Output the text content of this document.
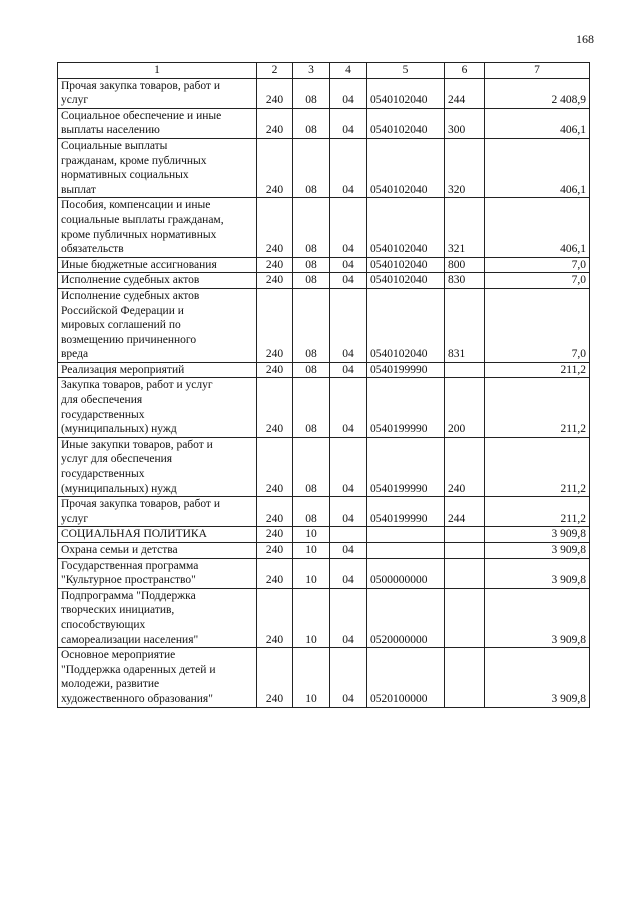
168
1	2	3	4	5	6	7
Прочая закупка товаров, работ и
услуг	240	08	04	0540102040	244	2 408,9
Социальное обеспечение и иные
выплаты населению	240	08	04	0540102040	300	406,1
Социальные выплаты
гражданам, кроме публичных
нормативных социальных
выплат	240	08	04	0540102040	320	406,1
Пособия, компенсации и иные
социальные выплаты гражданам,
кроме публичных нормативных
обязательств	240	08	04	0540102040	321	406,1
Иные бюджетные ассигнования	240	08	04	0540102040	800	7,0
Исполнение судебных актов	240	08	04	0540102040	830	7,0
Исполнение судебных актов
Российской Федерации и
мировых соглашений по
возмещению причиненного
вреда	240	08	04	0540102040	831	7,0
Реализация мероприятий	240	08	04	0540199990		211,2
Закупка товаров, работ и услуг
для обеспечения
государственных
(муниципальных) нужд	240	08	04	0540199990	200	211,2
Иные закупки товаров, работ и
услуг для обеспечения
государственных
(муниципальных) нужд	240	08	04	0540199990	240	211,2
Прочая закупка товаров, работ и
услуг	240	08	04	0540199990	244	211,2
СОЦИАЛЬНАЯ ПОЛИТИКА	240	10				3 909,8
Охрана семьи и детства	240	10	04			3 909,8
Государственная программа
"Культурное пространство"	240	10	04	0500000000		3 909,8
Подпрограмма "Поддержка
творческих инициатив,
способствующих
самореализации населения"	240	10	04	0520000000		3 909,8
Основное мероприятие
"Поддержка одаренных детей и
молодежи, развитие
художественного образования"	240	10	04	0520100000		3 909,8
